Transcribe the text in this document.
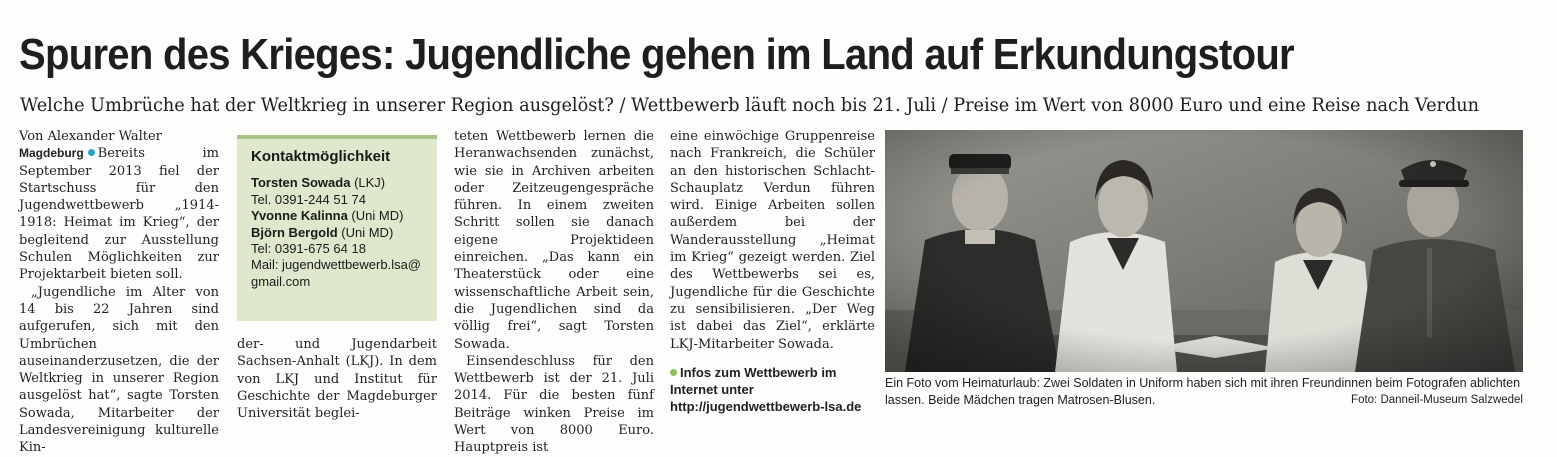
Spuren des Krieges: Jugendliche gehen im Land auf Erkundungstour
Welche Umbrüche hat der Weltkrieg in unserer Region ausgelöst? / Wettbewerb läuft noch bis 21. Juli / Preise im Wert von 8000 Euro und eine Reise nach Verdun

Von Alexander Walter

Magdeburg Bereits im September 2013 fiel der Startschuss für den Jugendwettbewerb „1914-1918: Heimat im Krieg“, der begleitend zur Ausstellung Schulen Möglichkeiten zur Projektarbeit bieten soll.

„Jugendliche im Alter von 14 bis 22 Jahren sind aufgerufen, sich mit den Umbrüchen auseinanderzusetzen, die der Weltkrieg in unserer Region ausgelöst hat“, sagte Torsten Sowada, Mitarbeiter der Landesvereinigung kulturelle Kin-

Kontaktmöglichkeit
Torsten Sowada (LKJ)
Tel. 0391-244 51 74
Yvonne Kalinna (Uni MD)
Björn Bergold (Uni MD)
Tel: 0391-675 64 18
Mail: jugendwettbewerb.lsa@
gmail.com

der- und Jugendarbeit Sachsen-Anhalt (LKJ). In dem von LKJ und Institut für Geschichte der Magdeburger Universität beglei-

teten Wettbewerb lernen die Heranwachsenden zunächst, wie sie in Archiven arbeiten oder Zeitzeugengespräche führen. In einem zweiten Schritt sollen sie danach eigene Projektideen einreichen. „Das kann ein Theaterstück oder eine wissenschaftliche Arbeit sein, die Jugendlichen sind da völlig frei“, sagt Torsten Sowada.

Einsendeschluss für den Wettbewerb ist der 21. Juli 2014. Für die besten fünf Beiträge winken Preise im Wert von 8000 Euro. Hauptpreis ist

eine einwöchige Gruppenreise nach Frankreich, die Schüler an den historischen Schlacht-Schauplatz Verdun führen wird. Einige Arbeiten sollen außerdem bei der Wanderausstellung „Heimat im Krieg“ gezeigt werden. Ziel des Wettbewerbs sei es, Jugendliche für die Geschichte zu sensibilisieren. „Der Weg ist dabei das Ziel“, erklärte LKJ-Mitarbeiter Sowada.

Infos zum Wettbewerb im Internet unter http://jugendwettbewerb-lsa.de
Ein Foto vom Heimaturlaub: Zwei Soldaten in Uniform haben sich mit ihren Freundinnen beim Fotografen ablichten lassen. Beide Mädchen tragen Matrosen-Blusen.	Foto: Danneil-Museum Salzwedel
